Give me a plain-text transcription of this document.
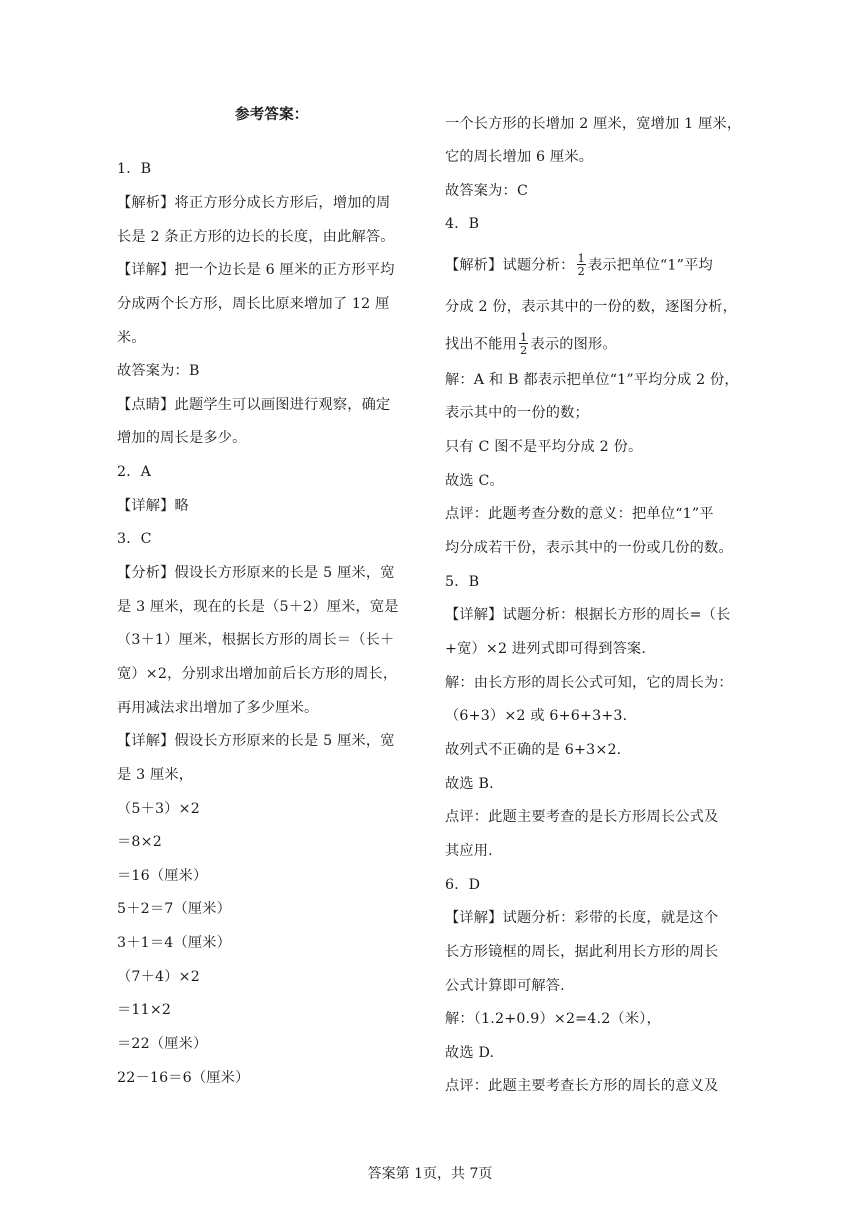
参考答案：
1．B
【解析】将正方形分成长方形后，增加的周
长是 2 条正方形的边长的长度，由此解答。
【详解】把一个边长是 6 厘米的正方形平均
分成两个长方形，周长比原来增加了 12 厘
米。
故答案为：B
【点睛】此题学生可以画图进行观察，确定
增加的周长是多少。
2．A
【详解】略
3．C
【分析】假设长方形原来的长是 5 厘米，宽
是 3 厘米，现在的长是（5＋2）厘米，宽是
（3＋1）厘米，根据长方形的周长＝（长＋
宽）×2，分别求出增加前后长方形的周长，
再用减法求出增加了多少厘米。
【详解】假设长方形原来的长是 5 厘米，宽
是 3 厘米，
（5＋3）×2
＝8×2
＝16（厘米）
5＋2＝7（厘米）
3＋1＝4（厘米）
（7＋4）×2
＝11×2
＝22（厘米）
22－16＝6（厘米）
一个长方形的长增加 2 厘米，宽增加 1 厘米，
它的周长增加 6 厘米。
故答案为：C
4．B
【解析】试题分析： $\frac{1}{2}$ 表示把单位“1”平均
分成 2 份，表示其中的一份的数，逐图分析，
找出不能用 $\frac{1}{2}$ 表示的图形。
解：A 和 B 都表示把单位“1”平均分成 2 份，
表示其中的一份的数；
只有 C 图不是平均分成 2 份。
故选 C。
点评：此题考查分数的意义：把单位“1”平
均分成若干份，表示其中的一份或几份的数。
5．B
【详解】试题分析：根据长方形的周长=（长
+宽）×2 进列式即可得到答案.
解：由长方形的周长公式可知，它的周长为：
（6+3）×2 或 6+6+3+3.
故列式不正确的是 6+3×2.
故选 B.
点评：此题主要考查的是长方形周长公式及
其应用.
6．D
【详解】试题分析：彩带的长度，就是这个
长方形镜框的周长，据此利用长方形的周长
公式计算即可解答.
解：（1.2+0.9）×2=4.2（米），
故选 D.
点评：此题主要考查长方形的周长的意义及
答案第 1页，共 7页
